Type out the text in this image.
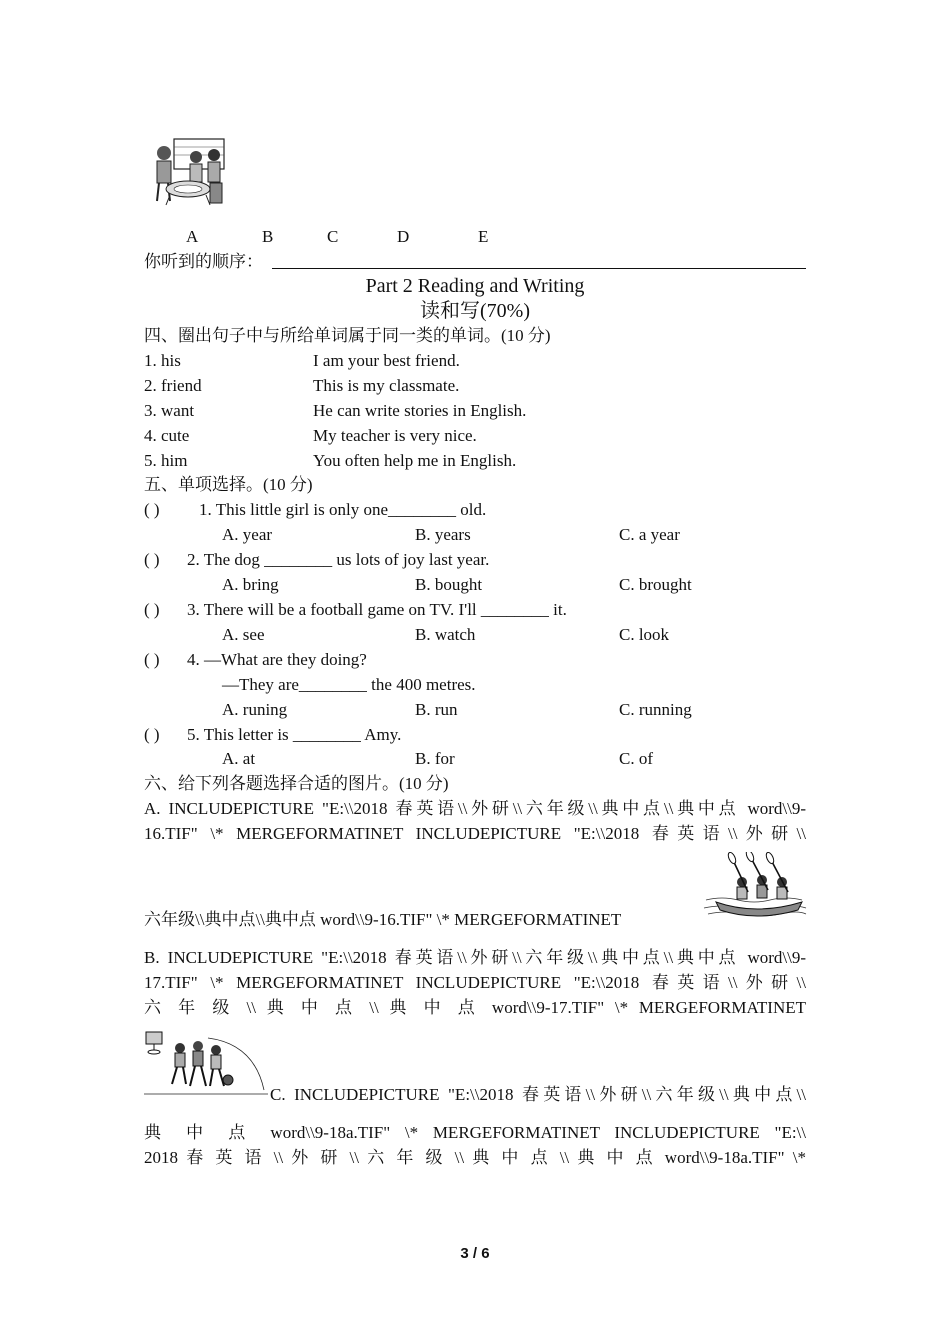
A	B	C	D	E
你听到的顺序：
Part 2 Reading and Writing
读和写(70%)
四、圈出句子中与所给单词属于同一类的单词。(10 分)
1. his	I am your best friend.
2. friend	This is my classmate.
3. want	He can write stories in English.
4. cute	My teacher is very nice.
5. him	You often help me in English.
五、单项选择。(10 分)
( ) 1. This little girl is only one________ old.
A. year	B. years	C. a year
( ) 2. The dog ________ us lots of joy last year.
A. bring	B. bought	C. brought
( ) 3. There will be a football game on TV. I'll ________ it.
A. see	B. watch	C. look
( ) 4. —What are they doing?
—They are________ the 400 metres.
A. runing	B. run	C. running
( ) 5. This letter is ________ Amy.
A. at	B. for	C. of
六、给下列各题选择合适的图片。(10 分)
A. INCLUDEPICTURE "E:\\2018 春英语\\外研\\六年级\\典中点\\典中点 word\\9-
16.TIF" \* MERGEFORMATINET INCLUDEPICTURE "E:\\2018 春英语\\外研\\
六年级\\典中点\\典中点 word\\9-16.TIF" \* MERGEFORMATINET
B. INCLUDEPICTURE "E:\\2018 春英语\\外研\\六年级\\典中点\\典中点 word\\9-
17.TIF" \* MERGEFORMATINET INCLUDEPICTURE "E:\\2018 春英语\\外研\\
六 年 级 \\ 典 中 点 \\ 典 中 点 word\\9-17.TIF" \* MERGEFORMATINET
C. INCLUDEPICTURE "E:\\2018 春英语\\外研\\六年级\\典中点\\
典 中 点 word\\9-18a.TIF" \* MERGEFORMATINET INCLUDEPICTURE "E:\\
2018 春 英 语 \\ 外 研 \\ 六 年 级 \\ 典 中 点 \\ 典 中 点 word\\9-18a.TIF" \*
3 / 6
